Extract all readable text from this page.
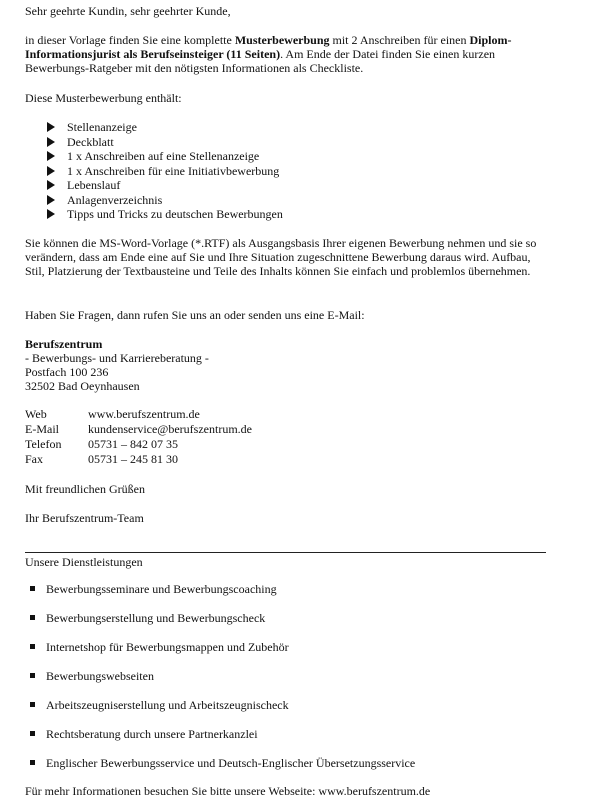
Sehr geehrte Kundin, sehr geehrter Kunde,
in dieser Vorlage finden Sie eine komplette Musterbewerbung mit 2 Anschreiben für einen Diplom-Informationsjurist als Berufseinsteiger (11 Seiten). Am Ende der Datei finden Sie einen kurzen Bewerbungs-Ratgeber mit den nötigsten Informationen als Checkliste.
Diese Musterbewerbung enthält:
Stellenanzeige
Deckblatt
1 x Anschreiben auf eine Stellenanzeige
1 x Anschreiben für eine Initiativbewerbung
Lebenslauf
Anlagenverzeichnis
Tipps und Tricks zu deutschen Bewerbungen
Sie können die MS-Word-Vorlage (*.RTF) als Ausgangsbasis Ihrer eigenen Bewerbung nehmen und sie so verändern, dass am Ende eine auf Sie und Ihre Situation zugeschnittene Bewerbung daraus wird. Aufbau, Stil, Platzierung der Textbausteine und Teile des Inhalts können Sie einfach und problemlos übernehmen.
Haben Sie Fragen, dann rufen Sie uns an oder senden uns eine E-Mail:
Berufszentrum
- Bewerbungs- und Karriereberatung -
Postfach 100 236
32502 Bad Oeynhausen
Web	www.berufszentrum.de
E-Mail kundenservice@berufszentrum.de
Telefon 05731 – 842 07 35
Fax	05731 – 245 81 30
Mit freundlichen Grüßen
Ihr Berufszentrum-Team
Unsere Dienstleistungen
Bewerbungsseminare und Bewerbungscoaching
Bewerbungserstellung und Bewerbungscheck
Internetshop für Bewerbungsmappen und Zubehör
Bewerbungswebseiten
Arbeitszeugniserstellung und Arbeitszeugnischeck
Rechtsberatung durch unsere Partnerkanzlei
Englischer Bewerbungsservice und Deutsch-Englischer Übersetzungsservice
Für mehr Informationen besuchen Sie bitte unsere Webseite: www.berufszentrum.de
